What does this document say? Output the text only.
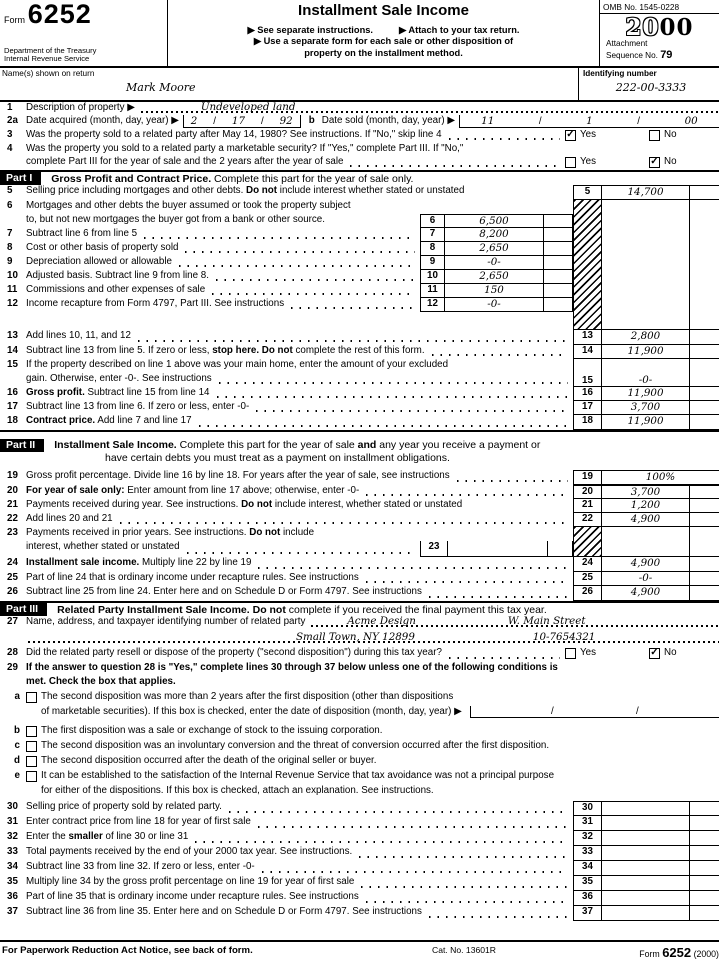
Form 6252
Department of the Treasury
Internal Revenue Service
Installment Sale Income
▶ See separate instructions.	▶ Attach to your tax return.
▶ Use a separate form for each sale or other disposition of
property on the installment method.
OMB No. 1545-0228
2000
Attachment
Sequence No. 79
Name(s) shown on return
Mark Moore
Identifying number
222-00-3333
1	Description of property ▶	Undeveloped land
2a Date acquired (month, day, year) ▶ 2 / 17 / 92	b Date sold (month, day, year) ▶	11	/	1	/	00
3	Was the property sold to a related party after May 14, 1980? See instructions. If "No," skip line 4	✓ Yes	No
4	Was the property you sold to a related party a marketable security? If "Yes," complete Part III. If "No,"
complete Part III for the year of sale and the 2 years after the year of sale	Yes	✓ No
Part I	Gross Profit and Contract Price. Complete this part for the year of sale only.
5	Selling price including mortgages and other debts. Do not include interest whether stated or unstated	5	14,700
6	Mortgages and other debts the buyer assumed or took the property subject
to, but not new mortgages the buyer got from a bank or other source.	6	6,500
7	Subtract line 6 from line 5	7	8,200
8	Cost or other basis of property sold	8	2,650
9	Depreciation allowed or allowable	9	-0-
10 Adjusted basis. Subtract line 9 from line 8.	10	2,650
11 Commissions and other expenses of sale	11	150
12 Income recapture from Form 4797, Part III. See instructions	12	-0-
13 Add lines 10, 11, and 12	13	2,800
14 Subtract line 13 from line 5. If zero or less, stop here. Do not complete the rest of this form.	14	11,900
15 If the property described on line 1 above was your main home, enter the amount of your excluded
gain. Otherwise, enter -0-. See instructions	15	-0-
16 Gross profit. Subtract line 15 from line 14	16	11,900
17 Subtract line 13 from line 6. If zero or less, enter -0-	17	3,700
18 Contract price. Add line 7 and line 17	18	11,900
Part II	Installment Sale Income. Complete this part for the year of sale and any year you receive a payment or
have certain debts you must treat as a payment on installment obligations.
19 Gross profit percentage. Divide line 16 by line 18. For years after the year of sale, see instructions	19	100%
20 For year of sale only: Enter amount from line 17 above; otherwise, enter -0-	20	3,700
21 Payments received during year. See instructions. Do not include interest, whether stated or unstated	21	1,200
22 Add lines 20 and 21	22	4,900
23 Payments received in prior years. See instructions. Do not include
interest, whether stated or unstated	23
24 Installment sale income. Multiply line 22 by line 19	24	4,900
25 Part of line 24 that is ordinary income under recapture rules. See instructions	25	-0-
26 Subtract line 25 from line 24. Enter here and on Schedule D or Form 4797. See instructions	26	4,900
Part III	Related Party Installment Sale Income. Do not complete if you received the final payment this tax year.
27 Name, address, and taxpayer identifying number of related party	Acme Design	W. Main Street
Small Town, NY 12899	10-7654321
28 Did the related party resell or dispose of the property ("second disposition") during this tax year?	Yes	✓ No
29 If the answer to question 28 is "Yes," complete lines 30 through 37 below unless one of the following conditions is
met. Check the box that applies.
a	The second disposition was more than 2 years after the first disposition (other than dispositions
of marketable securities). If this box is checked, enter the date of disposition (month, day, year) ▶	/	/
b	The first disposition was a sale or exchange of stock to the issuing corporation.
c	The second disposition was an involuntary conversion and the threat of conversion occurred after the first disposition.
d	The second disposition occurred after the death of the original seller or buyer.
e	It can be established to the satisfaction of the Internal Revenue Service that tax avoidance was not a principal purpose
for either of the dispositions. If this box is checked, attach an explanation. See instructions.
30 Selling price of property sold by related party.	30
31 Enter contract price from line 18 for year of first sale	31
32 Enter the smaller of line 30 or line 31	32
33 Total payments received by the end of your 2000 tax year. See instructions.	33
34 Subtract line 33 from line 32. If zero or less, enter -0-	34
35 Multiply line 34 by the gross profit percentage on line 19 for year of first sale	35
36 Part of line 35 that is ordinary income under recapture rules. See instructions	36
37 Subtract line 36 from line 35. Enter here and on Schedule D or Form 4797. See instructions	37
For Paperwork Reduction Act Notice, see back of form.	Cat. No. 13601R	Form 6252 (2000)
